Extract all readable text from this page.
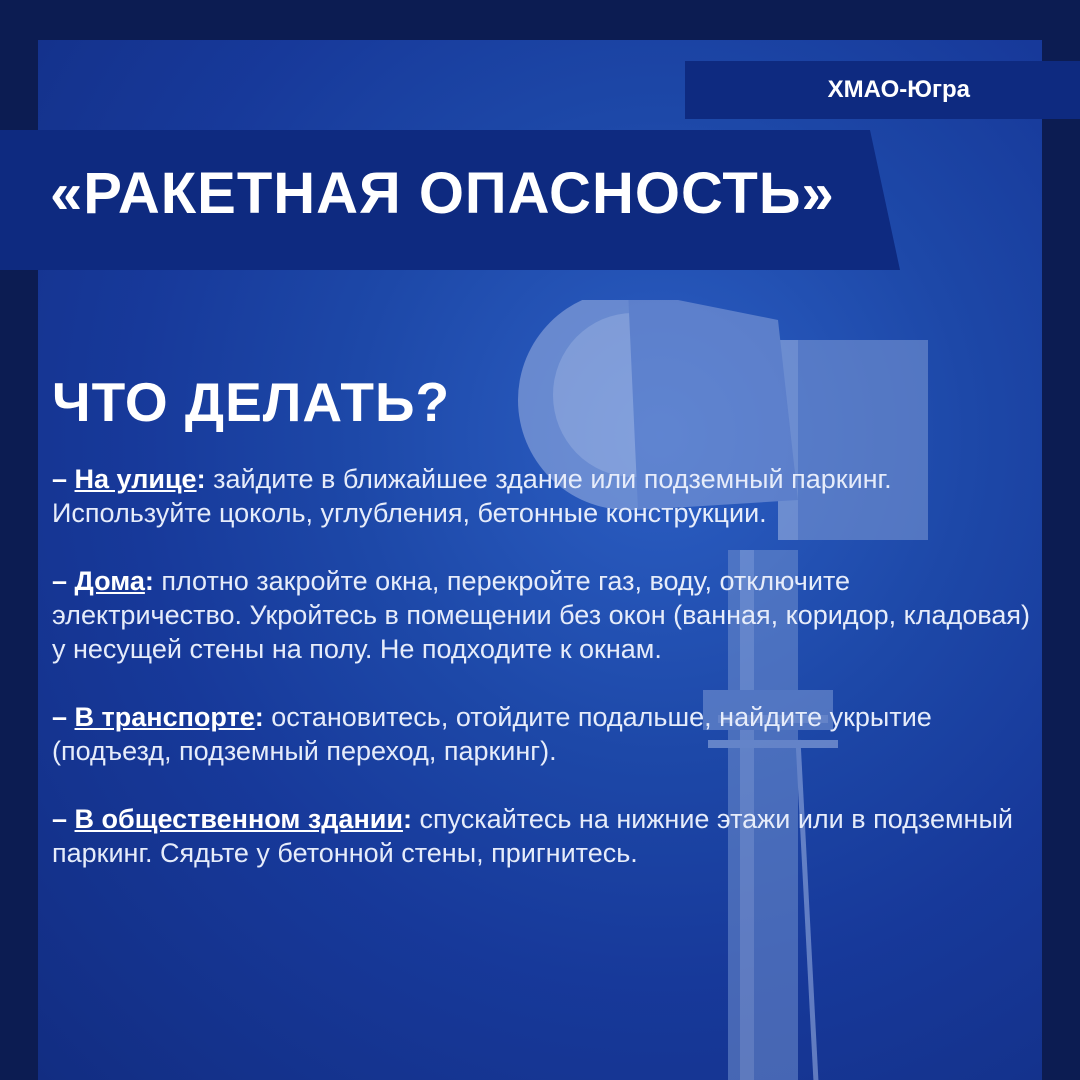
ХМАО-Югра
«РАКЕТНАЯ ОПАСНОСТЬ»
ЧТО ДЕЛАТЬ?
– На улице: зайдите в ближайшее здание или подземный паркинг. Используйте цоколь, углубления, бетонные конструкции.
– Дома: плотно закройте окна, перекройте газ, воду, отключите электричество. Укройтесь в помещении без окон (ванная, коридор, кладовая) у несущей стены на полу. Не подходите к окнам.
– В транспорте: остановитесь, отойдите подальше, найдите укрытие (подъезд, подземный переход, паркинг).
– В общественном здании: спускайтесь на нижние этажи или в подземный паркинг. Сядьте у бетонной стены, пригнитесь.
